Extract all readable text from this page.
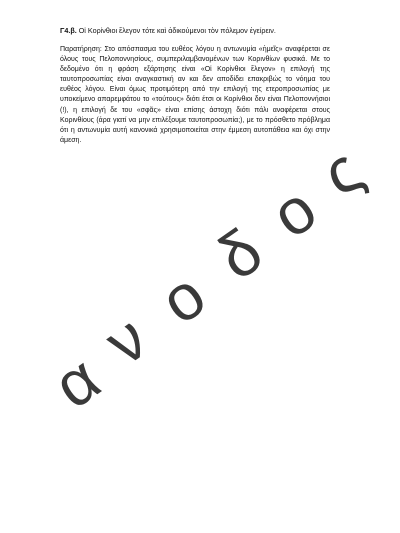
Γ4.β. Οἱ Κορίνθιοι ἔλεγον τότε καὶ ἀδικούμενοι τὸν πόλεμον ἐγείρειν.

Παρατήρηση: Στο απόσπασμα του ευθέος λόγου η αντωνυμία «ἡμεῖς» αναφέρεται σε όλους τους Πελοποννησίους, συμπεριλαμβανομένων των Κορινθίων φυσικά. Με το δεδομένο ότι η φράση εξάρτησης είναι «Οἱ Κορίνθιοι ἔλεγον» η επιλογή της ταυτοπροσωπίας είναι αναγκαστική αν και δεν αποδίδει επακριβώς το νόημα του ευθέος λόγου. Είναι όμως προτιμότερη από την επιλογή της ετεροπροσωπίας με υποκείμενο απαρεμφάτου το «τούτους» διότι έτσι οι Κορίνθιοι δεν είναι Πελοποννήσιοι (!), η επιλογή δε του «σφᾶς» είναι επίσης άστοχη διότι πάλι αναφέρεται στους Κορινθίους (άρα γιατί να μην επιλέξουμε ταυτοπροσωπία;), με το πρόσθετο πρόβλημα ότι η αντωνυμία αυτή κανονικά χρησιμοποιείται στην έμμεση αυτοπάθεια και όχι στην άμεση.

α
ν
ο
δ
ο
ς
